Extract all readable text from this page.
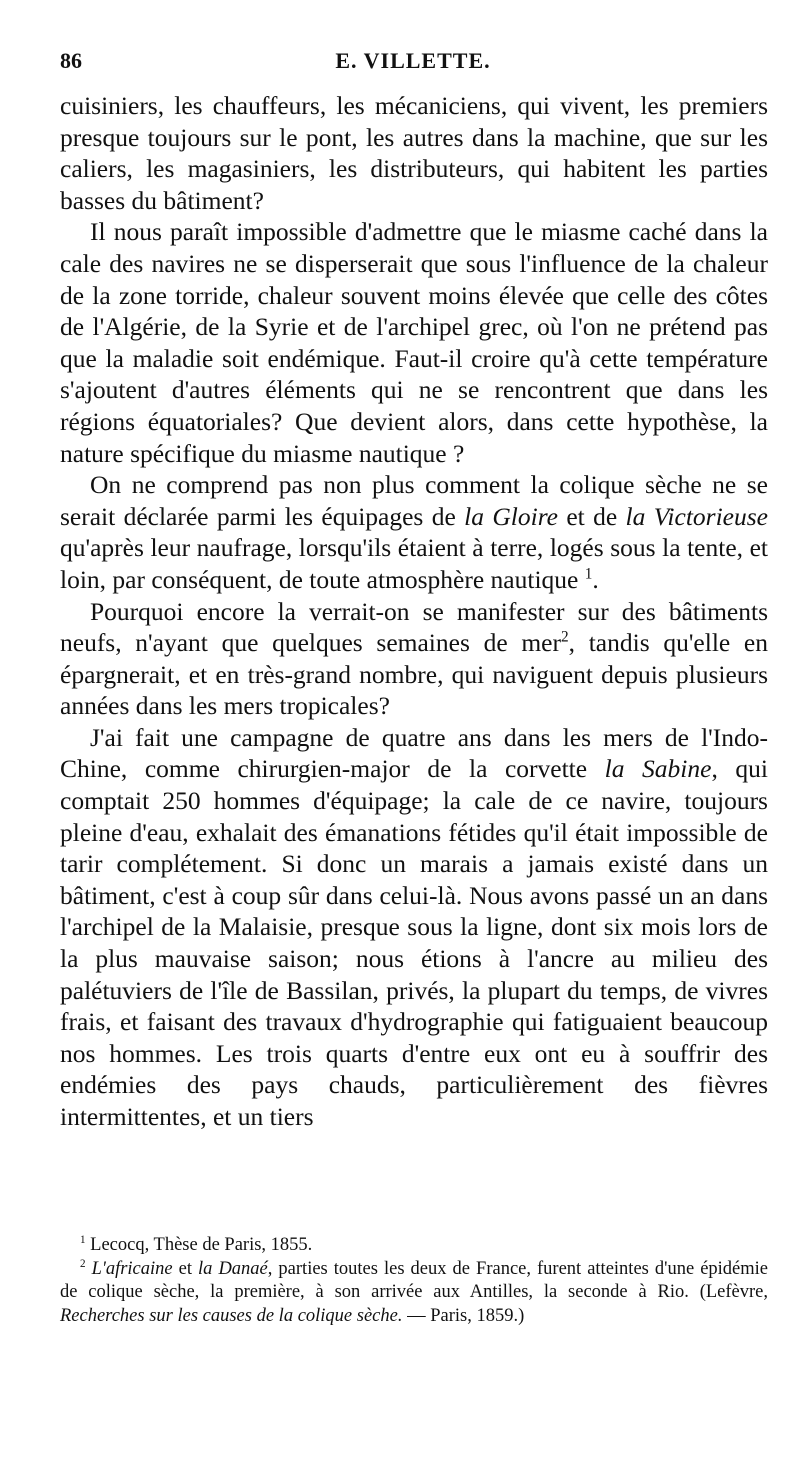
86	E. VILLETTE.

cuisiniers, les chauffeurs, les mécaniciens, qui vivent, les premiers presque toujours sur le pont, les autres dans la machine, que sur les caliers, les magasiniers, les distributeurs, qui habitent les parties basses du bâtiment?

Il nous paraît impossible d'admettre que le miasme caché dans la cale des navires ne se disperserait que sous l'influence de la chaleur de la zone torride, chaleur souvent moins élevée que celle des côtes de l'Algérie, de la Syrie et de l'archipel grec, où l'on ne prétend pas que la maladie soit endémique. Faut-il croire qu'à cette température s'ajoutent d'autres éléments qui ne se rencontrent que dans les régions équatoriales? Que devient alors, dans cette hypothèse, la nature spécifique du miasme nautique ?

On ne comprend pas non plus comment la colique sèche ne se serait déclarée parmi les équipages de la Gloire et de la Victorieuse qu'après leur naufrage, lorsqu'ils étaient à terre, logés sous la tente, et loin, par conséquent, de toute atmosphère nautique $^1$.

Pourquoi encore la verrait-on se manifester sur des bâtiments neufs, n'ayant que quelques semaines de mer$^2$, tandis qu'elle en épargnerait, et en très-grand nombre, qui naviguent depuis plusieurs années dans les mers tropicales?

J'ai fait une campagne de quatre ans dans les mers de l'Indo-Chine, comme chirurgien-major de la corvette la Sabine, qui comptait 250 hommes d'équipage; la cale de ce navire, toujours pleine d'eau, exhalait des émanations fétides qu'il était impossible de tarir complétement. Si donc un marais a jamais existé dans un bâtiment, c'est à coup sûr dans celui-là. Nous avons passé un an dans l'archipel de la Malaisie, presque sous la ligne, dont six mois lors de la plus mauvaise saison; nous étions à l'ancre au milieu des palétuviers de l'île de Bassilan, privés, la plupart du temps, de vivres frais, et faisant des travaux d'hydrographie qui fatiguaient beaucoup nos hommes. Les trois quarts d'entre eux ont eu à souffrir des endémies des pays chauds, particulièrement des fièvres intermittentes, et un tiers

$^1$ Lecocq, Thèse de Paris, 1855.

$^2$ L'africaine et la Danaé, parties toutes les deux de France, furent atteintes d'une épidémie de colique sèche, la première, à son arrivée aux Antilles, la seconde à Rio. (Lefèvre, Recherches sur les causes de la colique sèche. — Paris, 1859.)
